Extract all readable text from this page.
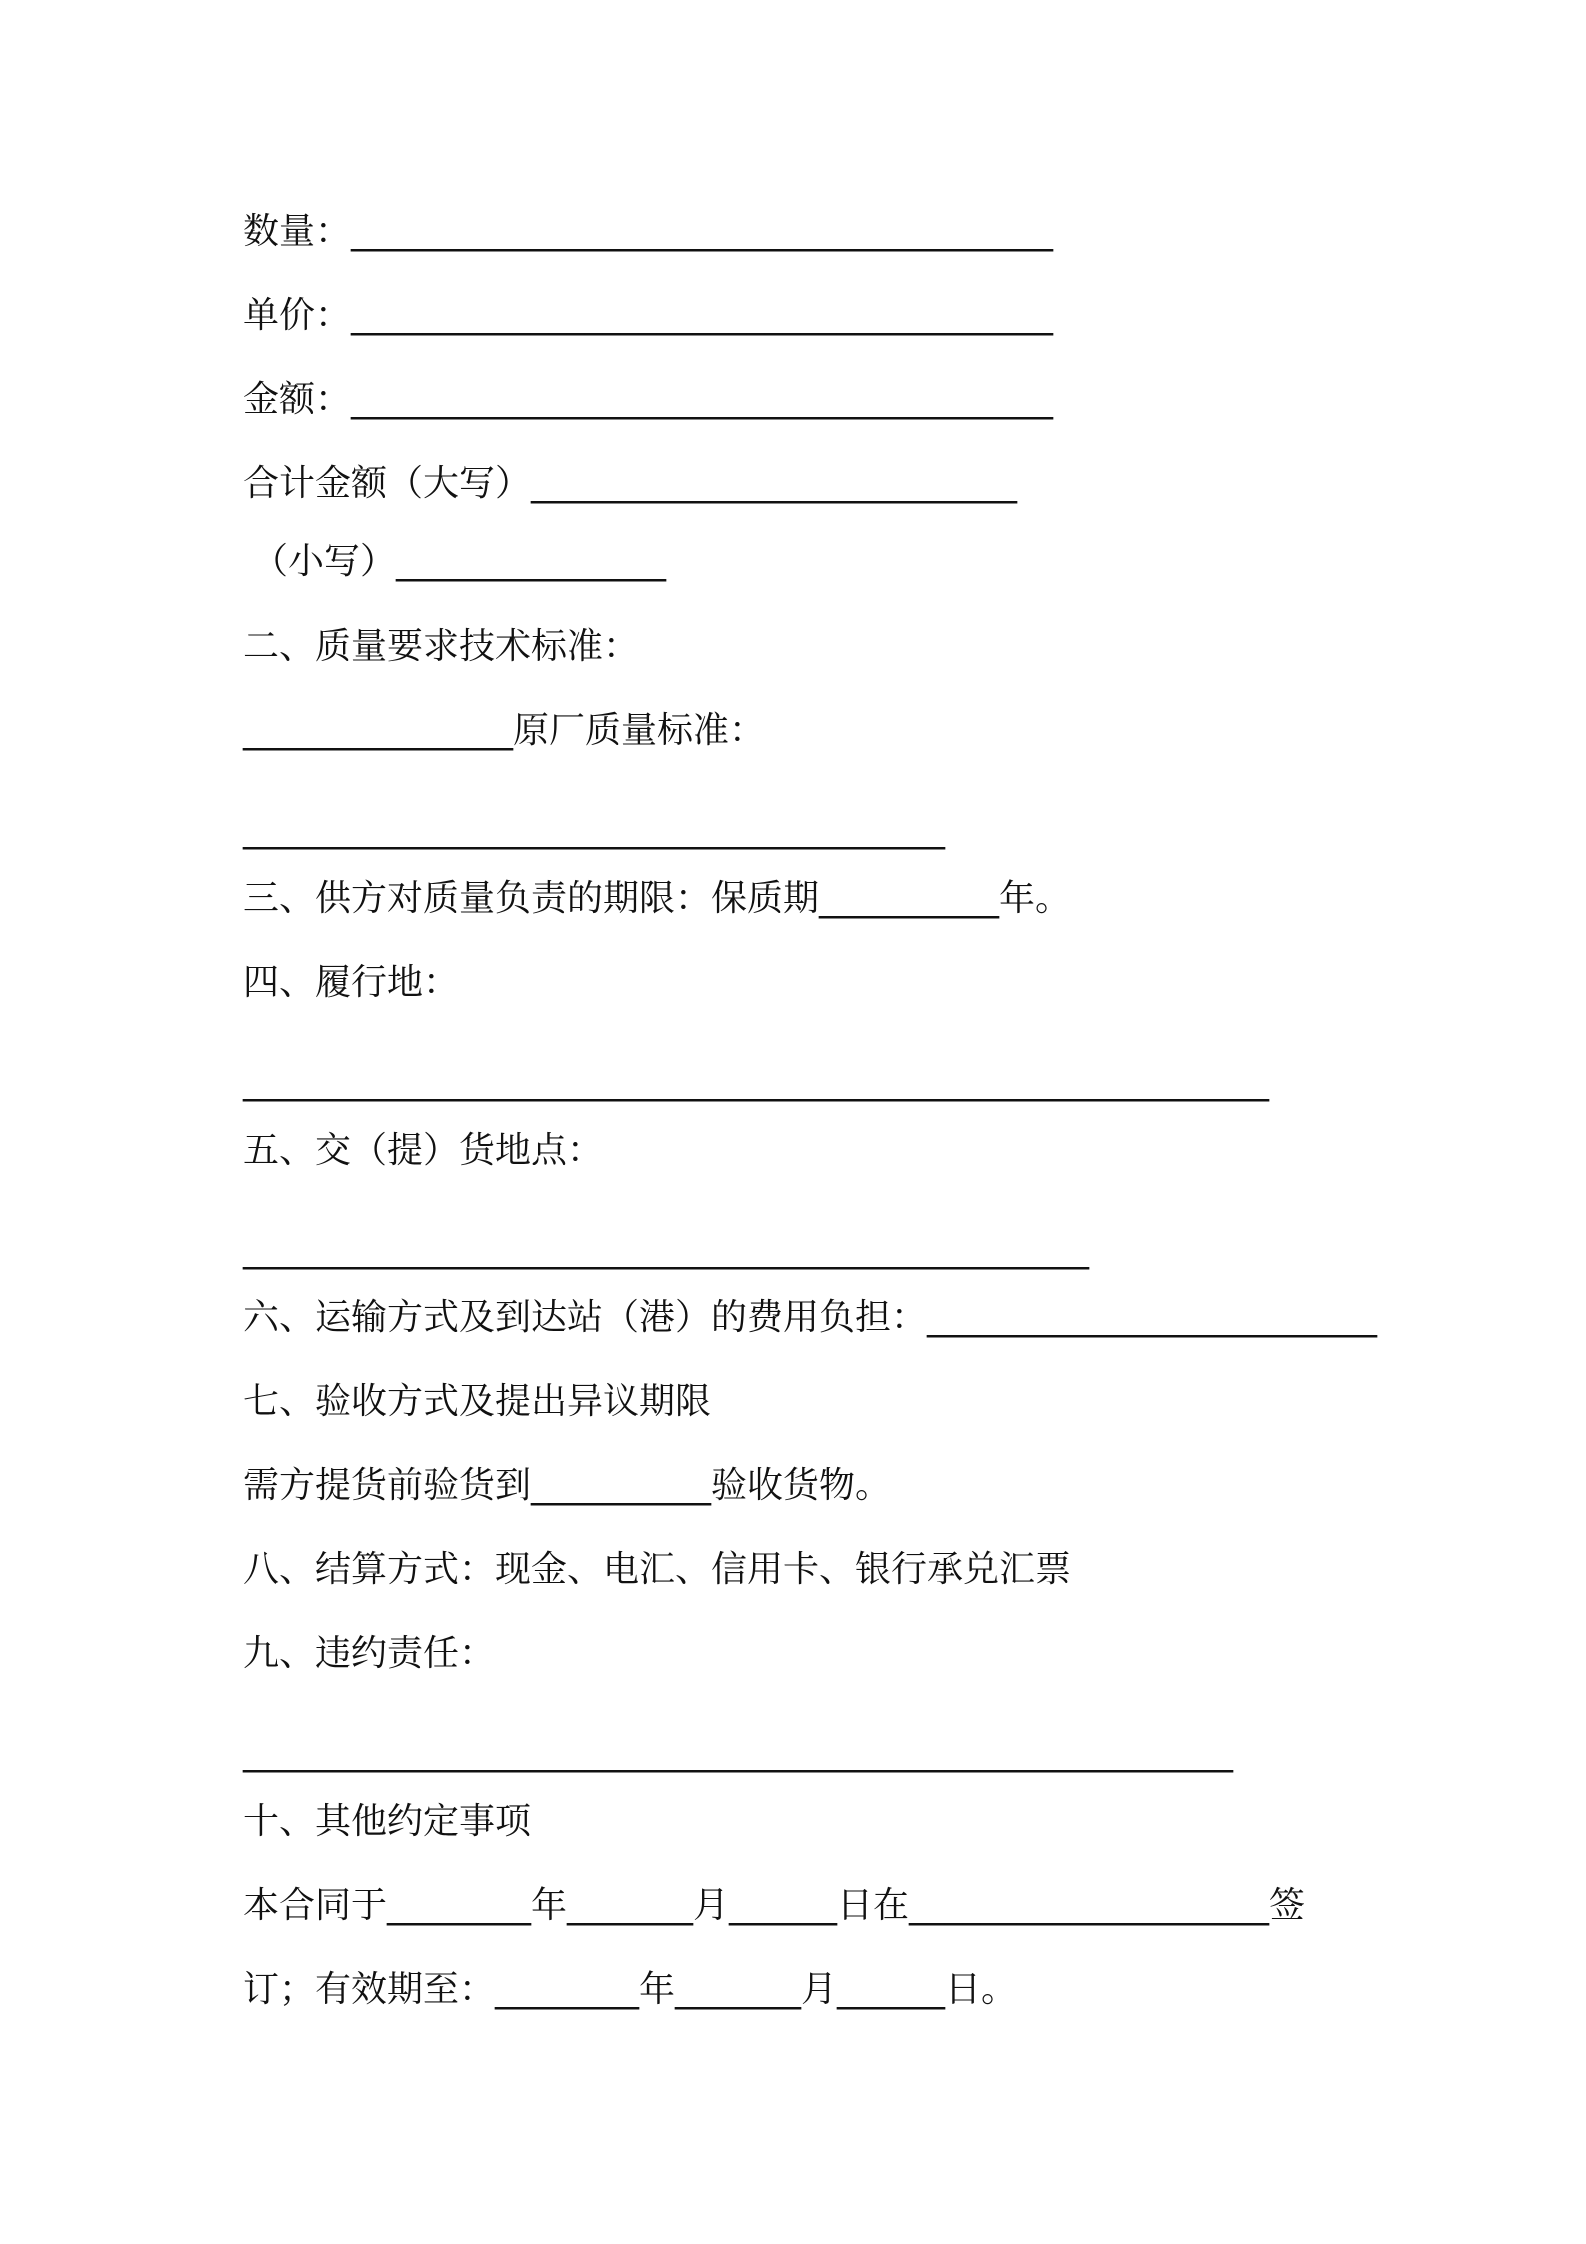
数量：_______________________________________
单价：_______________________________________
金额：_______________________________________
合计金额（大写）___________________________
（小写）_______________
二、质量要求技术标准：
_______________原厂质量标准：
_______________________________________
三、供方对质量负责的期限：保质期__________年。
四、履行地：
_________________________________________________________
五、交（提）货地点：
_______________________________________________
六、运输方式及到达站（港）的费用负担：_________________________
七、验收方式及提出异议期限
需方提货前验货到__________验收货物。
八、结算方式：现金、电汇、信用卡、银行承兑汇票
九、违约责任：
_______________________________________________________
十、其他约定事项
本合同于________年_______月______日在____________________签
订；有效期至：________年_______月______日。
